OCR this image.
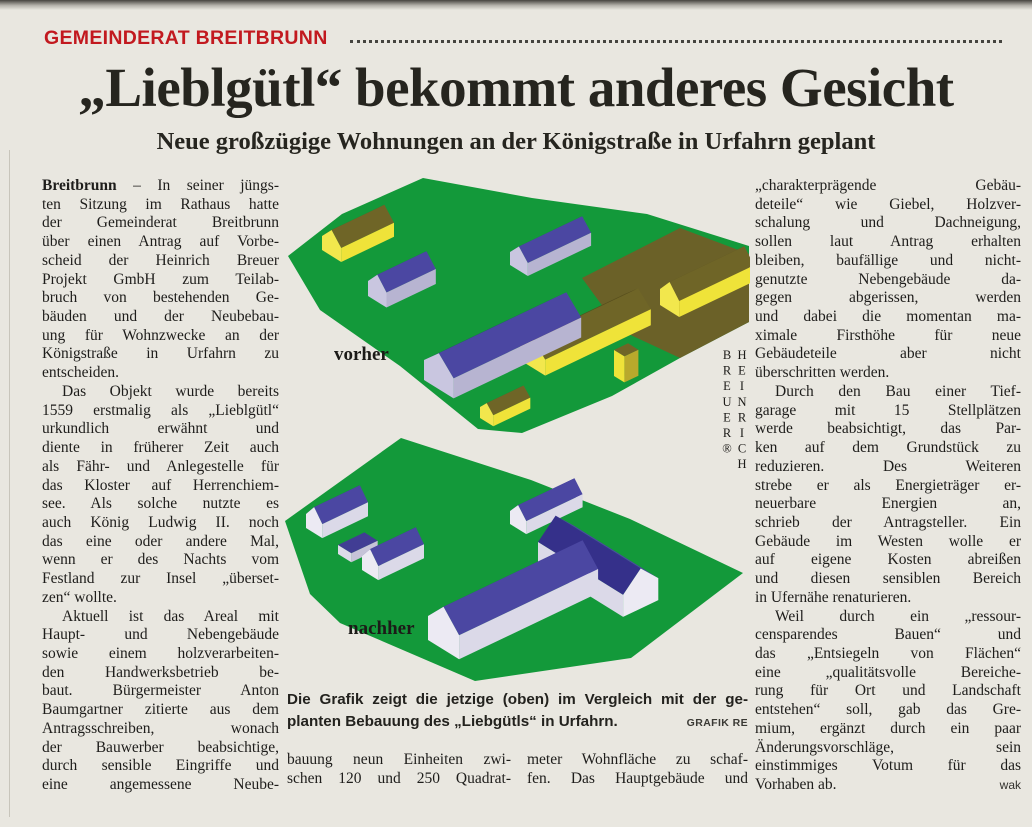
GEMEINDERAT BREITBRUNN
„Lieblgütl“ bekommt anderes Gesicht
Neue großzügige Wohnungen an der Königstraße in Urfahrn geplant
Breitbrunn – In seiner jüngs-
ten Sitzung im Rathaus hatte
der Gemeinderat Breitbrunn
über einen Antrag auf Vorbe-
scheid der Heinrich Breuer
Projekt GmbH zum Teilab-
bruch von bestehenden Ge-
bäuden und der Neubebau-
ung für Wohnzwecke an der
Königstraße in Urfahrn zu
entscheiden.
Das Objekt wurde bereits
1559 erstmalig als „Lieblgütl“
urkundlich erwähnt und
diente in früherer Zeit auch
als Fähr- und Anlegestelle für
das Kloster auf Herrenchiem-
see. Als solche nutzte es
auch König Ludwig II. noch
das eine oder andere Mal,
wenn er des Nachts vom
Festland zur Insel „überset-
zen“ wollte.
Aktuell ist das Areal mit
Haupt- und Nebengebäude
sowie einem holzverarbeiten-
den Handwerksbetrieb be-
baut. Bürgermeister Anton
Baumgartner zitierte aus dem
Antragsschreiben, wonach
der Bauwerber beabsichtige,
durch sensible Eingriffe und
eine angemessene Neube-
vorher
nachher
HEINRICH BREUER®
Die Grafik zeigt die jetzige (oben) im Vergleich mit der ge-
planten Bebauung des „Liebgütls“ in Urfahrn.	GRAFIK RE
bauung neun Einheiten zwi-
schen 120 und 250 Quadrat-
meter Wohnfläche zu schaf-
fen. Das Hauptgebäude und
„charakterprägende Gebäu-
deteile“ wie Giebel, Holzver-
schalung und Dachneigung,
sollen laut Antrag erhalten
bleiben, baufällige und nicht-
genutzte Nebengebäude da-
gegen abgerissen, werden
und dabei die momentan ma-
ximale Firsthöhe für neue
Gebäudeteile aber nicht
überschritten werden.
Durch den Bau einer Tief-
garage mit 15 Stellplätzen
werde beabsichtigt, das Par-
ken auf dem Grundstück zu
reduzieren. Des Weiteren
strebe er als Energieträger er-
neuerbare Energien an,
schrieb der Antragsteller. Ein
Gebäude im Westen wolle er
auf eigene Kosten abreißen
und diesen sensiblen Bereich
in Ufernähe renaturieren.
Weil durch ein „ressour-
censparendes Bauen“ und
das „Entsiegeln von Flächen“
eine „qualitätsvolle Bereiche-
rung für Ort und Landschaft
entstehen“ soll, gab das Gre-
mium, ergänzt durch ein paar
Änderungsvorschläge, sein
einstimmiges Votum für das
Vorhaben ab.	wak
